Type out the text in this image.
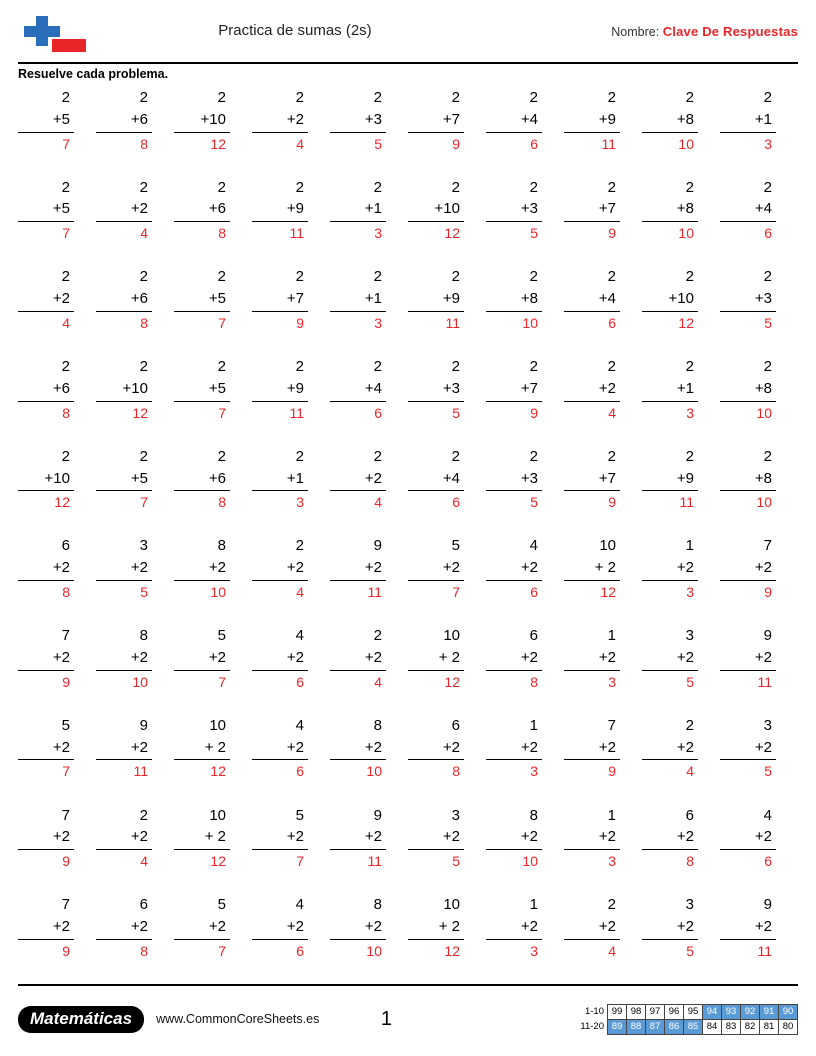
Practica de sumas (2s)	Nombre: Clave De Respuestas
Resuelve cada problema.
2
+5
7
2
+6
8
2
+10
12
2
+2
4
2
+3
5
2
+7
9
2
+4
6
2
+9
11
2
+8
10
2
+1
3
2
+5
7
2
+2
4
2
+6
8
2
+9
11
2
+1
3
2
+10
12
2
+3
5
2
+7
9
2
+8
10
2
+4
6
2
+2
4
2
+6
8
2
+5
7
2
+7
9
2
+1
3
2
+9
11
2
+8
10
2
+4
6
2
+10
12
2
+3
5
2
+6
8
2
+10
12
2
+5
7
2
+9
11
2
+4
6
2
+3
5
2
+7
9
2
+2
4
2
+1
3
2
+8
10
2
+10
12
2
+5
7
2
+6
8
2
+1
3
2
+2
4
2
+4
6
2
+3
5
2
+7
9
2
+9
11
2
+8
10
6
+2
8
3
+2
5
8
+2
10
2
+2
4
9
+2
11
5
+2
7
4
+2
6
10
+ 2
12
1
+2
3
7
+2
9
7
+2
9
8
+2
10
5
+2
7
4
+2
6
2
+2
4
10
+ 2
12
6
+2
8
1
+2
3
3
+2
5
9
+2
11
5
+2
7
9
+2
11
10
+ 2
12
4
+2
6
8
+2
10
6
+2
8
1
+2
3
7
+2
9
2
+2
4
3
+2
5
7
+2
9
2
+2
4
10
+ 2
12
5
+2
7
9
+2
11
3
+2
5
8
+2
10
1
+2
3
6
+2
8
4
+2
6
7
+2
9
6
+2
8
5
+2
7
4
+2
6
8
+2
10
10
+ 2
12
1
+2
3
2
+2
4
3
+2
5
9
+2
11
Matemáticas	www.CommonCoreSheets.es	1	1-10	99	98	97	96	95	94	93	92	91	90
11-20	89	88	87	86	85	84	83	82	81	80
